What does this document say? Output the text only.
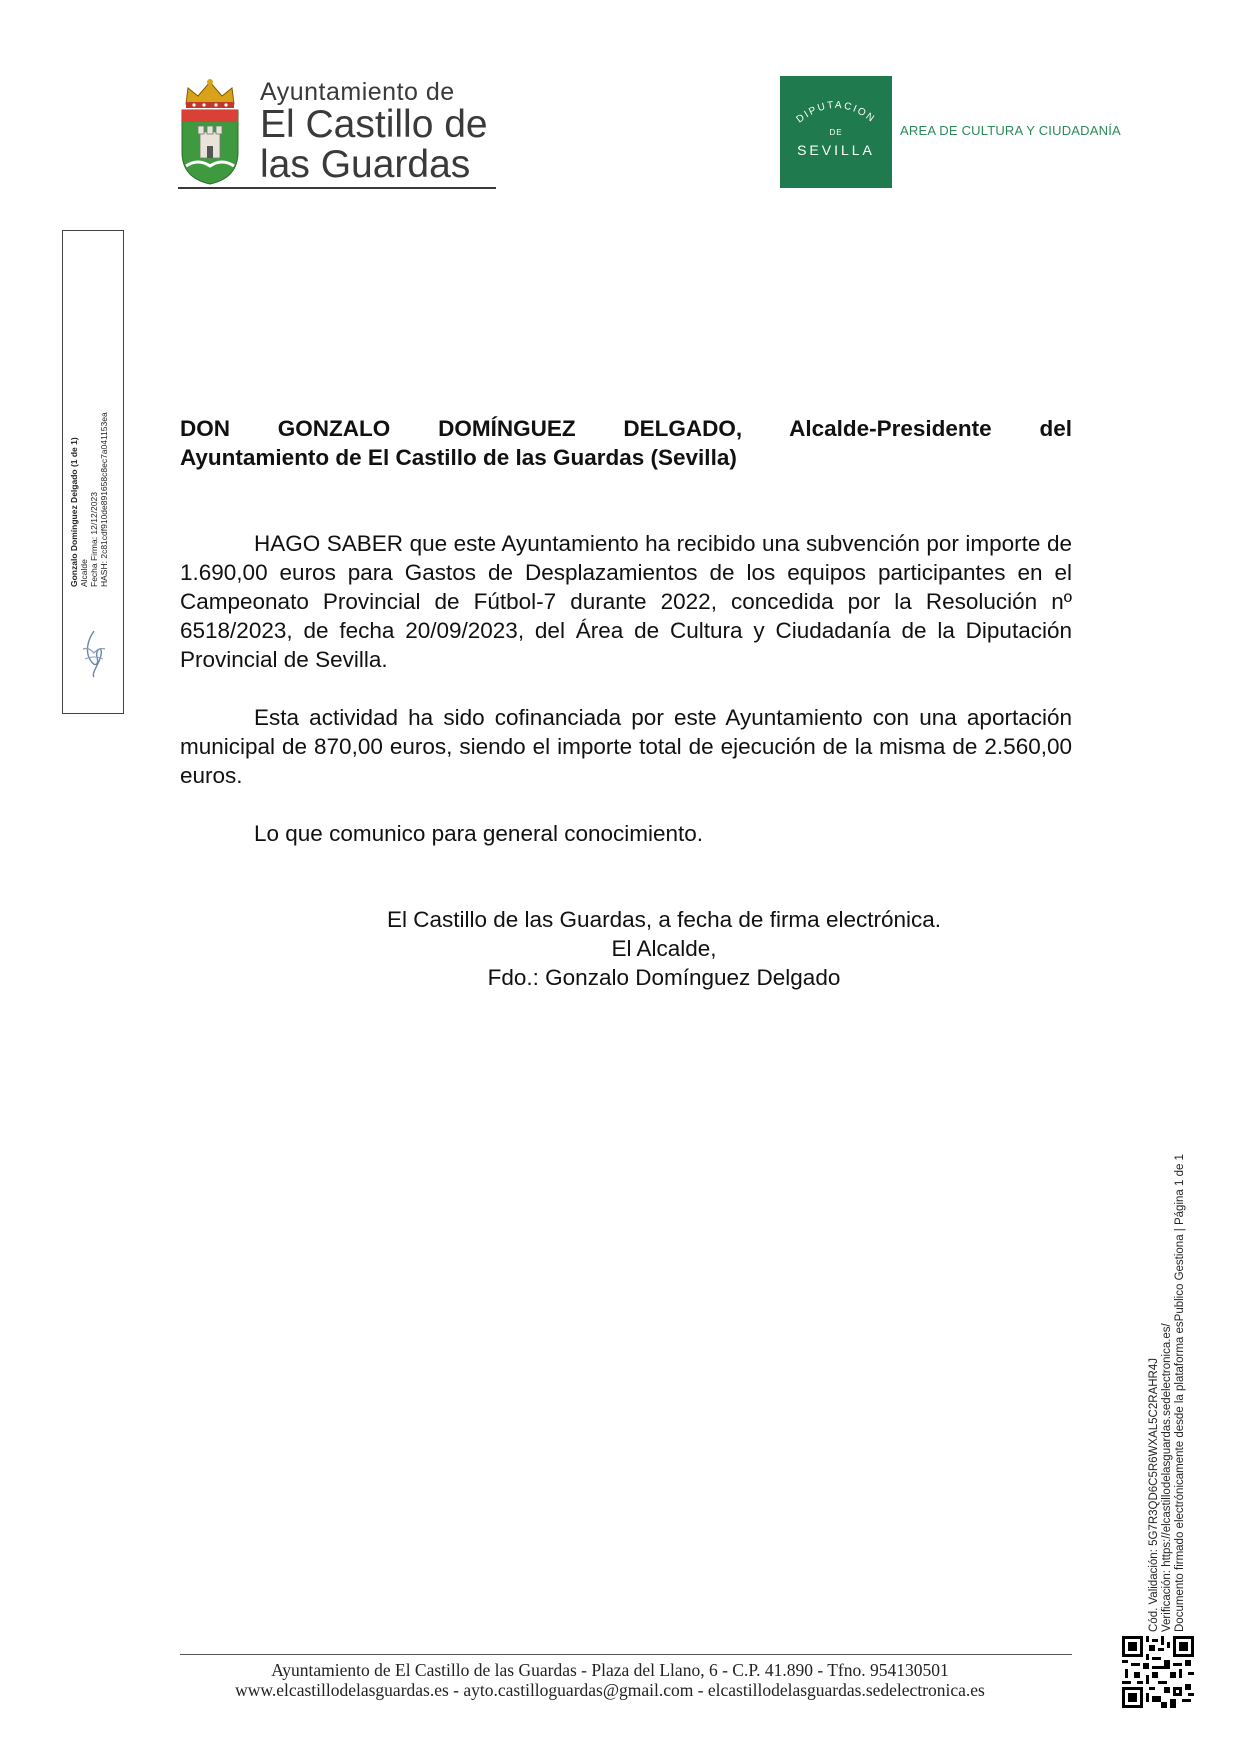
Ayuntamiento de
El Castillo de
las Guardas
DIPUTACION
DE
SEVILLA
AREA DE CULTURA Y CIUDADANÍA
Gonzalo Domínguez Delgado (1 de 1) Alcalde Fecha Firma: 12/12/2023 HASH: 2c81cdf910de891658c8ec7a041153ea	DON GONZALO DOMÍNGUEZ DELGADO, Alcalde-Presidente del
Ayuntamiento de El Castillo de las Guardas (Sevilla)
HAGO SABER que este Ayuntamiento ha recibido una subvención por importe de 1.690,00 euros para Gastos de Desplazamientos de los equipos participantes en el Campeonato Provincial de Fútbol-7 durante 2022, concedida por la Resolución nº 6518/2023, de fecha 20/09/2023, del Área de Cultura y Ciudadanía de la Diputación Provincial de Sevilla.
Esta actividad ha sido cofinanciada por este Ayuntamiento con una aportación municipal de 870,00 euros, siendo el importe total de ejecución de la misma de 2.560,00 euros.
Lo que comunico para general conocimiento.
El Castillo de las Guardas, a fecha de firma electrónica.
El Alcalde,
Fdo.: Gonzalo Domínguez Delgado
Cód. Validación: 5G7R3QD6C5R6WXAL5C2RAHR4J Verificación: https://elcastillodelasguardas.sedelectronica.es/ Documento firmado electrónicamente desde la plataforma esPublico Gestiona | Página 1 de 1
Ayuntamiento de El Castillo de las Guardas - Plaza del Llano, 6 - C.P. 41.890 - Tfno. 954130501
www.elcastillodelasguardas.es - ayto.castilloguardas@gmail.com - elcastillodelasguardas.sedelectronica.es
